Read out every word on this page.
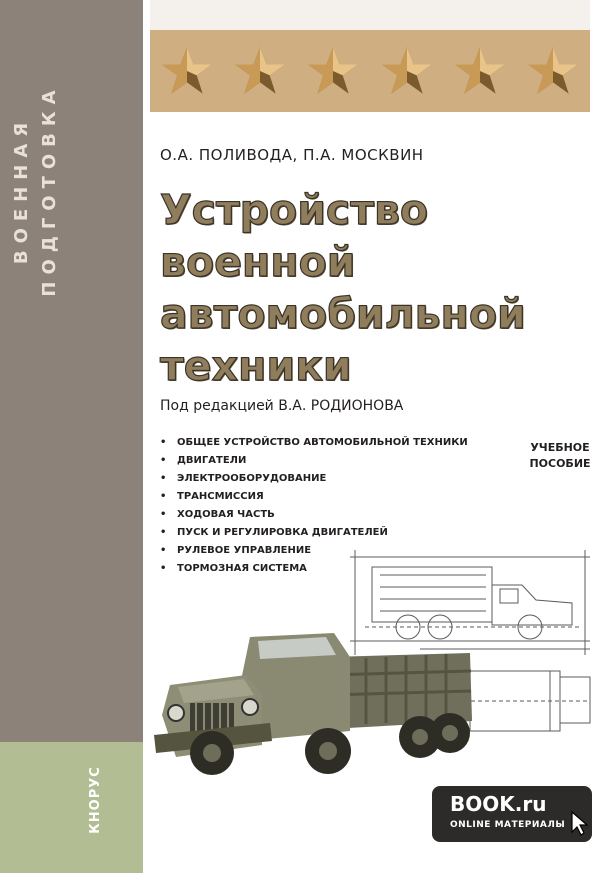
ВОЕННАЯ ПОДГОТОВКА
КНОРУС
О.А. ПОЛИВОДА, П.А. МОСКВИН
Устройство
военной
автомобильной
техники
Под редакцией В.А. РОДИОНОВА
• ОБЩЕЕ УСТРОЙСТВО АВТОМОБИЛЬНОЙ ТЕХНИКИ
• ДВИГАТЕЛИ
• ЭЛЕКТРООБОРУДОВАНИЕ
• ТРАНСМИССИЯ
• ХОДОВАЯ ЧАСТЬ
• ПУСК И РЕГУЛИРОВКА ДВИГАТЕЛЕЙ
• РУЛЕВОЕ УПРАВЛЕНИЕ
• ТОРМОЗНАЯ СИСТЕМА
УЧЕБНОЕ
ПОСОБИЕ
BOOK.ru
ONLINE МАТЕРИАЛЫ
